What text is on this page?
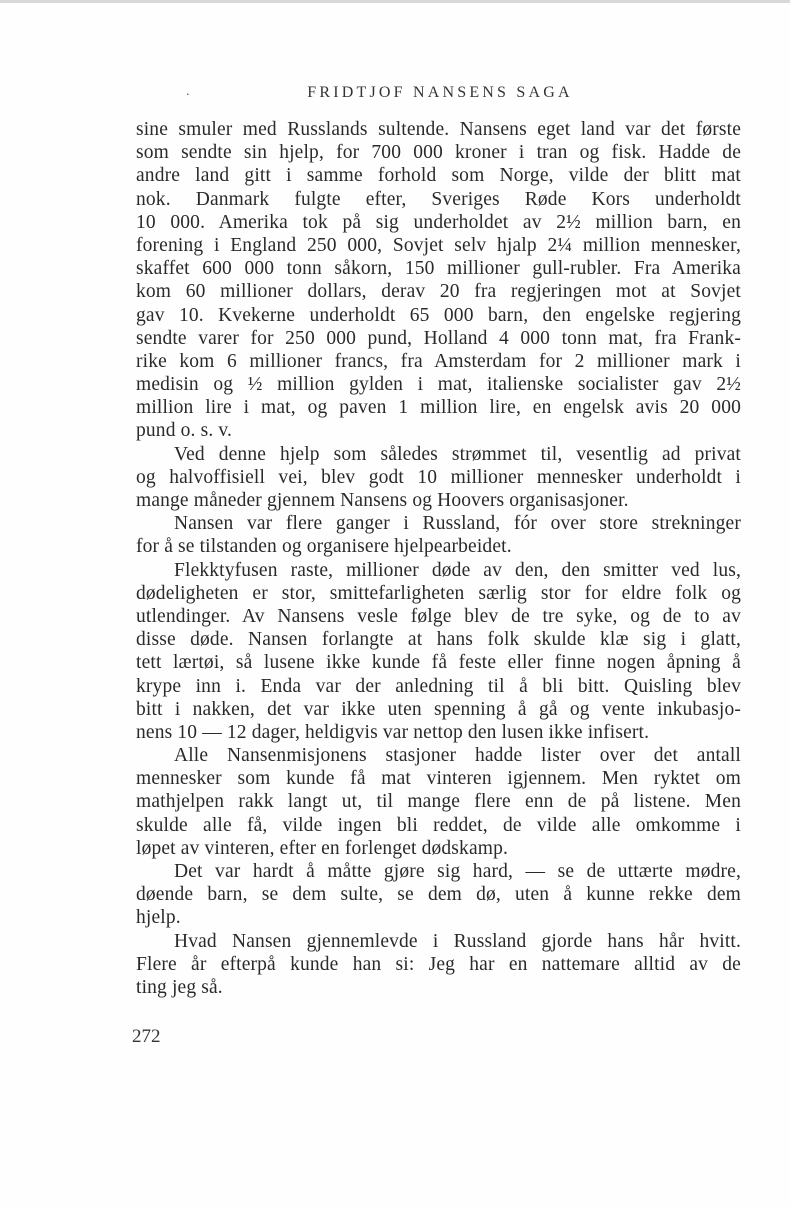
.	FRIDTJOF NANSENS SAGA
sine smuler med Russlands sultende. Nansens eget land var det første
som sendte sin hjelp, for 700 000 kroner i tran og fisk. Hadde de
andre land gitt i samme forhold som Norge, vilde der blitt mat
nok. Danmark fulgte efter, Sveriges Røde Kors underholdt
10 000. Amerika tok på sig underholdet av 2½ million barn, en
forening i England 250 000, Sovjet selv hjalp 2¼ million mennesker,
skaffet 600 000 tonn såkorn, 150 millioner gull-rubler. Fra Amerika
kom 60 millioner dollars, derav 20 fra regjeringen mot at Sovjet
gav 10. Kvekerne underholdt 65 000 barn, den engelske regjering
sendte varer for 250 000 pund, Holland 4 000 tonn mat, fra Frank-
rike kom 6 millioner francs, fra Amsterdam for 2 millioner mark i
medisin og ½ million gylden i mat, italienske socialister gav 2½
million lire i mat, og paven 1 million lire, en engelsk avis 20 000
pund o. s. v.
Ved denne hjelp som således strømmet til, vesentlig ad privat
og halvoffisiell vei, blev godt 10 millioner mennesker underholdt i
mange måneder gjennem Nansens og Hoovers organisasjoner.
Nansen var flere ganger i Russland, fór over store strekninger
for å se tilstanden og organisere hjelpearbeidet.
Flekktyfusen raste, millioner døde av den, den smitter ved lus,
dødeligheten er stor, smittefarligheten særlig stor for eldre folk og
utlendinger. Av Nansens vesle følge blev de tre syke, og de to av
disse døde. Nansen forlangte at hans folk skulde klæ sig i glatt,
tett lærtøi, så lusene ikke kunde få feste eller finne nogen åpning å
krype inn i. Enda var der anledning til å bli bitt. Quisling blev
bitt i nakken, det var ikke uten spenning å gå og vente inkubasjo-
nens 10 — 12 dager, heldigvis var nettop den lusen ikke infisert.
Alle Nansenmisjonens stasjoner hadde lister over det antall
mennesker som kunde få mat vinteren igjennem. Men ryktet om
mathjelpen rakk langt ut, til mange flere enn de på listene. Men
skulde alle få, vilde ingen bli reddet, de vilde alle omkomme i
løpet av vinteren, efter en forlenget dødskamp.
Det var hardt å måtte gjøre sig hard, — se de uttærte mødre,
døende barn, se dem sulte, se dem dø, uten å kunne rekke dem
hjelp.
Hvad Nansen gjennemlevde i Russland gjorde hans hår hvitt.
Flere år efterpå kunde han si: Jeg har en nattemare alltid av de
ting jeg så.
272
